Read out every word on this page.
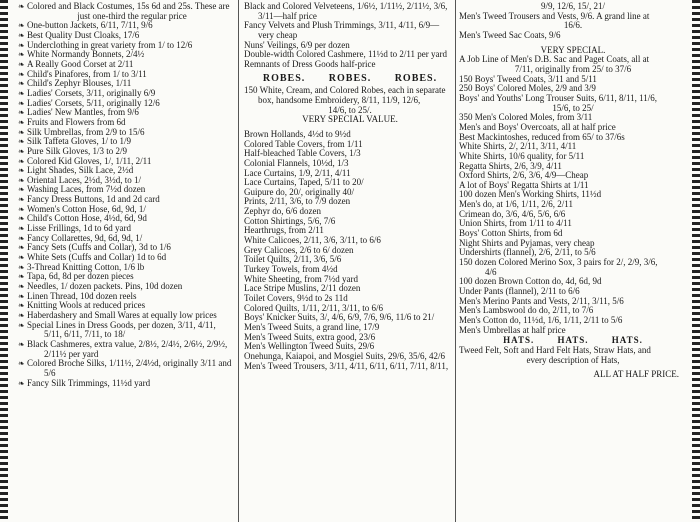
❧ Colored and Black Costumes, 15s 6d and 25s. These are
just one-third the regular price
❧ One-button Jackets, 6/11, 7/11, 9/6
❧ Best Quality Dust Cloaks, 17/6
❧ Underclothing in great variety from 1/ to 12/6
❧ White Normandy Bonnets, 2/4½
❧ A Really Good Corset at 2/11
❧ Child's Pinafores, from 1/ to 3/11
❧ Child's Zephyr Blouses, 1/11
❧ Ladies' Corsets, 3/11, originally 6/9
❧ Ladies' Corsets, 5/11, originally 12/6
❧ Ladies' New Mantles, from 9/6
❧ Fruits and Flowers from 6d
❧ Silk Umbrellas, from 2/9 to 15/6
❧ Silk Taffeta Gloves, 1/ to 1/9
❧ Pure Silk Gloves, 1/3 to 2/9
❧ Colored Kid Gloves, 1/, 1/11, 2/11
❧ Light Shades, Silk Lace, 2½d
❧ Oriental Laces, 2½d, 3½d, to 1/
❧ Washing Laces, from 7½d dozen
❧ Fancy Dress Buttons, 1d and 2d card
❧ Women's Cotton Hose, 6d, 9d, 1/
❧ Child's Cotton Hose, 4½d, 6d, 9d
❧ Lisse Frillings, 1d to 6d yard
❧ Fancy Collarettes, 9d, 6d, 9d, 1/
❧ Fancy Sets (Cuffs and Collar), 3d to 1/6
❧ White Sets (Cuffs and Collar) 1d to 6d
❧ 3-Thread Knitting Cotton, 1/6 lb
❧ Tapa, 6d, 8d per dozen pieces
❧ Needles, 1/ dozen packets. Pins, 10d dozen
❧ Linen Thread, 10d dozen reels
❧ Knitting Wools at reduced prices
❧ Haberdashery and Small Wares at equally low prices
❧ Special Lines in Dress Goods, per dozen, 3/11, 4/11,
5/11, 6/11, 7/11, to 18/
❧ Black Cashmeres, extra value, 2/8½, 2/4½, 2/6½, 2/9½,
2/11½ per yard
❧ Colored Broche Silks, 1/11½, 2/4½d, originally 3/11 and
5/6
❧ Fancy Silk Trimmings, 11½d yard
Black and Colored Velveteens, 1/6½, 1/11½, 2/11½, 3/6,
3/11—half price
Fancy Velvets and Plush Trimmings, 3/11, 4/11, 6/9—
very cheap
Nuns' Veilings, 6/9 per dozen
Double-width Colored Cashmere, 11½d to 2/11 per yard
Remnants of Dress Goods half-price
ROBES. ROBES. ROBES.
150 White, Cream, and Colored Robes, each in separate
box, handsome Embroidery, 8/11, 11/9, 12/6,
14/6, to 25/.
VERY SPECIAL VALUE.
Brown Hollands, 4½d to 9½d
Colored Table Covers, from 1/11
Half-bleached Table Covers, 1/3
Colonial Flannels, 10½d, 1/3
Lace Curtains, 1/9, 2/11, 4/11
Lace Curtains, Taped, 5/11 to 20/
Guipure do, 20/, originally 40/
Prints, 2/11, 3/6, to 7/9 dozen
Zephyr do, 6/6 dozen
Cotton Shirtings, 5/6, 7/6
Hearthrugs, from 2/11
White Calicoes, 2/11, 3/6, 3/11, to 6/6
Grey Calicoes, 2/6 to 6/ dozen
Toilet Quilts, 2/11, 3/6, 5/6
Turkey Towels, from 4½d
White Sheeting, from 7½d yard
Lace Stripe Muslins, 2/11 dozen
Toilet Covers, 9½d to 2s 11d
Colored Quilts, 1/11, 2/11, 3/11, to 6/6
Boys' Knicker Suits, 3/, 4/6, 6/9, 7/6, 9/6, 11/6 to 21/
Men's Tweed Suits, a grand line, 17/9
Men's Tweed Suits, extra good, 23/6
Men's Wellington Tweed Suits, 29/6
Onehunga, Kaiapoi, and Mosgiel Suits, 29/6, 35/6, 42/6
Men's Tweed Trousers, 3/11, 4/11, 6/11, 6/11, 7/11, 8/11,
9/9, 12/6, 15/, 21/
Men's Tweed Trousers and Vests, 9/6. A grand line at
16/6.
Men's Tweed Sac Coats, 9/6
VERY SPECIAL.
A Job Line of Men's D.B. Sac and Paget Coats, all at
7/11, originally from 25/ to 37/6
150 Boys' Tweed Coats, 3/11 and 5/11
250 Boys' Colored Moles, 2/9 and 3/9
Boys' and Youths' Long Trouser Suits, 6/11, 8/11, 11/6,
15/6, to 25/
350 Men's Colored Moles, from 3/11
Men's and Boys' Overcoats, all at half price
Best Mackintoshes, reduced from 65/ to 37/6s
White Shirts, 2/, 2/11, 3/11, 4/11
White Shirts, 10/6 quality, for 5/11
Regatta Shirts, 2/6, 3/9, 4/11
Oxford Shirts, 2/6, 3/6, 4/9—Cheap
A lot of Boys' Regatta Shirts at 1/11
100 dozen Men's Working Shirts, 11½d
Men's do, at 1/6, 1/11, 2/6, 2/11
Crimean do, 3/6, 4/6, 5/6, 6/6
Union Shirts, from 1/11 to 4/11
Boys' Cotton Shirts, from 6d
Night Shirts and Pyjamas, very cheap
Undershirts (flannel), 2/6, 2/11, to 5/6
150 dozen Colored Merino Sox, 3 pairs for 2/, 2/9, 3/6,
4/6
100 dozen Brown Cotton do, 4d, 6d, 9d
Under Pants (flannel), 2/11 to 6/6
Men's Merino Pants and Vests, 2/11, 3/11, 5/6
Men's Lambswool do do, 2/11, to 7/6
Men's Cotton do, 11½d, 1/6, 1/11, 2/11 to 5/6
Men's Umbrellas at half price
HATS.	HATS.	HATS.
Tweed Felt, Soft and Hard Felt Hats, Straw Hats, and
every description of Hats,
ALL AT HALF PRICE.
